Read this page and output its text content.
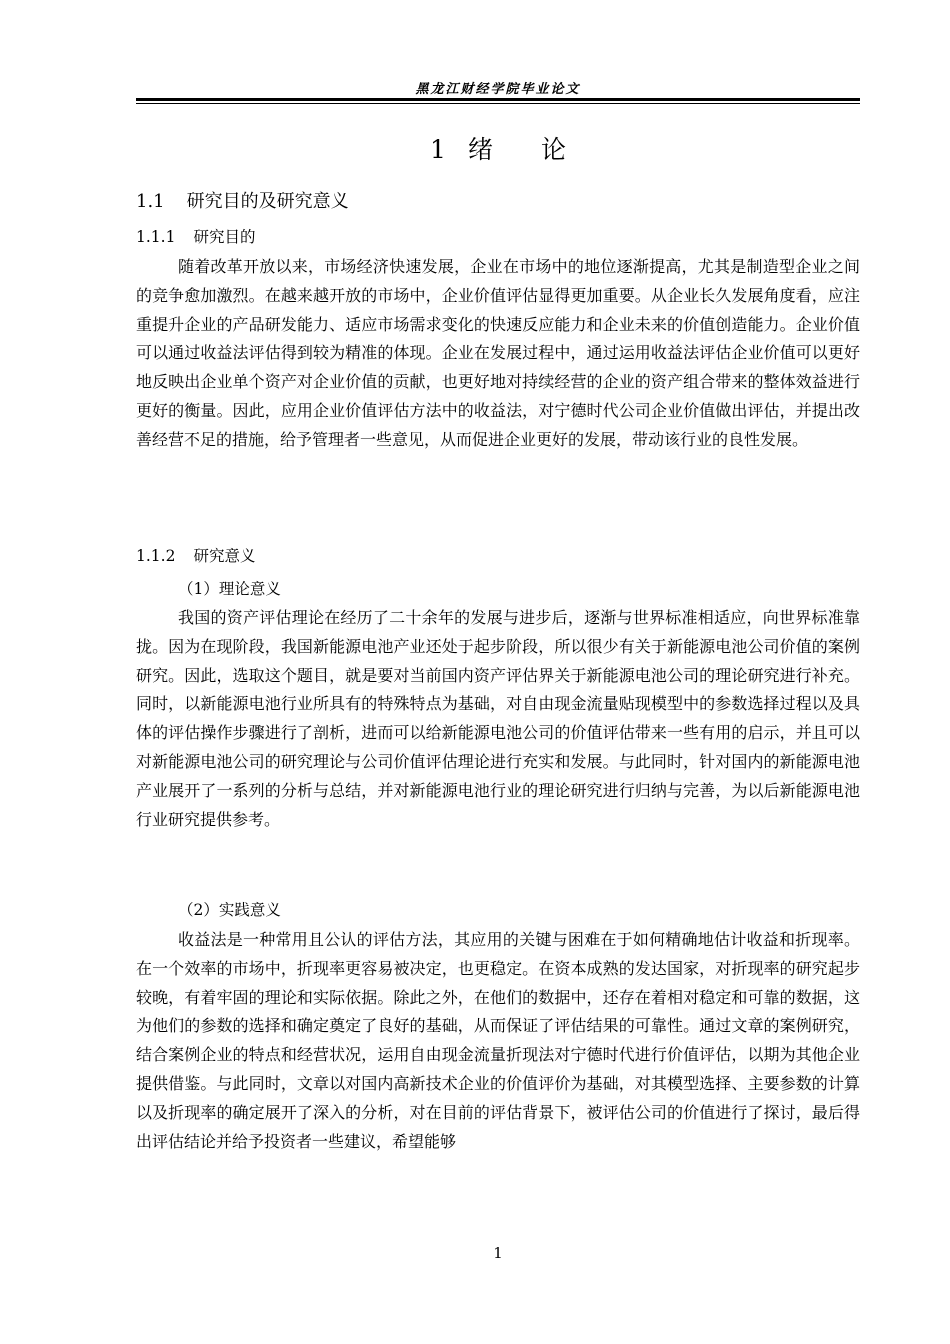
黑龙江财经学院毕业论文
1 绪 论
1.1 研究目的及研究意义
1.1.1 研究目的
随着改革开放以来，市场经济快速发展，企业在市场中的地位逐渐提高，尤其是制造型企业之间的竞争愈加激烈。在越来越开放的市场中，企业价值评估显得更加重要。从企业长久发展角度看，应注重提升企业的产品研发能力、适应市场需求变化的快速反应能力和企业未来的价值创造能力。企业价值可以通过收益法评估得到较为精准的体现。企业在发展过程中，通过运用收益法评估企业价值可以更好地反映出企业单个资产对企业价值的贡献，也更好地对持续经营的企业的资产组合带来的整体效益进行更好的衡量。因此，应用企业价值评估方法中的收益法，对宁德时代公司企业价值做出评估，并提出改善经营不足的措施，给予管理者一些意见，从而促进企业更好的发展，带动该行业的良性发展。
1.1.2 研究意义
（1）理论意义
我国的资产评估理论在经历了二十余年的发展与进步后，逐渐与世界标准相适应，向世界标准靠拢。因为在现阶段，我国新能源电池产业还处于起步阶段，所以很少有关于新能源电池公司价值的案例研究。因此，选取这个题目，就是要对当前国内资产评估界关于新能源电池公司的理论研究进行补充。同时，以新能源电池行业所具有的特殊特点为基础，对自由现金流量贴现模型中的参数选择过程以及具体的评估操作步骤进行了剖析，进而可以给新能源电池公司的价值评估带来一些有用的启示，并且可以对新能源电池公司的研究理论与公司价值评估理论进行充实和发展。与此同时，针对国内的新能源电池产业展开了一系列的分析与总结，并对新能源电池行业的理论研究进行归纳与完善，为以后新能源电池行业研究提供参考。
（2）实践意义
收益法是一种常用且公认的评估方法，其应用的关键与困难在于如何精确地估计收益和折现率。在一个效率的市场中，折现率更容易被决定，也更稳定。在资本成熟的发达国家，对折现率的研究起步较晚，有着牢固的理论和实际依据。除此之外，在他们的数据中，还存在着相对稳定和可靠的数据，这为他们的参数的选择和确定奠定了良好的基础，从而保证了评估结果的可靠性。通过文章的案例研究，结合案例企业的特点和经营状况，运用自由现金流量折现法对宁德时代进行价值评估，以期为其他企业提供借鉴。与此同时，文章以对国内高新技术企业的价值评价为基础，对其模型选择、主要参数的计算以及折现率的确定展开了深入的分析，对在目前的评估背景下，被评估公司的价值进行了探讨，最后得出评估结论并给予投资者一些建议，希望能够
1
